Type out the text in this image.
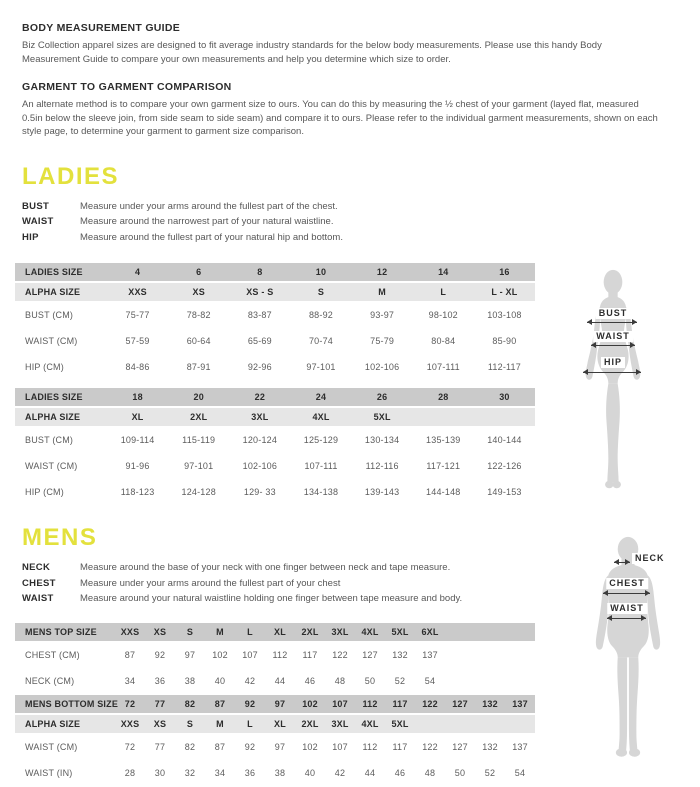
BODY MEASUREMENT GUIDE

Biz Collection apparel sizes are designed to fit average industry standards for the below body measurements. Please use this handy Body Measurement Guide to compare your own measurements and help you determine which size to order.

GARMENT TO GARMENT COMPARISON

An alternate method is to compare your own garment size to ours. You can do this by measuring the ½ chest of your garment (layed flat, measured 0.5in below the sleeve join, from side seam to side seam) and compare it to ours. Please refer to the individual garment measurements, shown on each style page, to determine your garment to garment size comparison.

LADIES
BUST	Measure under your arms around the fullest part of the chest.
WAIST	Measure around the narrowest part of your natural waistline.
HIP	Measure around the fullest part of your natural hip and bottom.
LADIES SIZE	4	6	8	10	12	14	16
ALPHA SIZE	XXS	XS	XS - S	S	M	L	L - XL
BUST (CM)	75-77	78-82	83-87	88-92	93-97	98-102	103-108
WAIST (CM)	57-59	60-64	65-69	70-74	75-79	80-84	85-90
HIP (CM)	84-86	87-91	92-96	97-101	102-106	107-111	112-117
LADIES SIZE	18	20	22	24	26	28	30
ALPHA SIZE	XL	2XL	3XL	4XL	5XL		
BUST (CM)	109-114	115-119	120-124	125-129	130-134	135-139	140-144
WAIST (CM)	91-96	97-101	102-106	107-111	112-116	117-121	122-126
HIP (CM)	118-123	124-128	129- 33	134-138	139-143	144-148	149-153
BUST
WAIST
HIP
MENS
NECK	Measure around the base of your neck with one finger between neck and tape measure.
CHEST	Measure under your arms around the fullest part of your chest
WAIST	Measure around your natural waistline holding one finger between tape measure and body.
MENS TOP SIZE	XXS	XS	S	M	L	XL	2XL	3XL	4XL	5XL	6XL			
CHEST (CM)	87	92	97	102	107	112	117	122	127	132	137			
NECK (CM)	34	36	38	40	42	44	46	48	50	52	54			
MENS BOTTOM SIZE	72	77	82	87	92	97	102	107	112	117	122	127	132	137
ALPHA SIZE	XXS	XS	S	M	L	XL	2XL	3XL	4XL	5XL				
WAIST (CM)	72	77	82	87	92	97	102	107	112	117	122	127	132	137
WAIST (IN)	28	30	32	34	36	38	40	42	44	46	48	50	52	54
NECK
CHEST
WAIST
